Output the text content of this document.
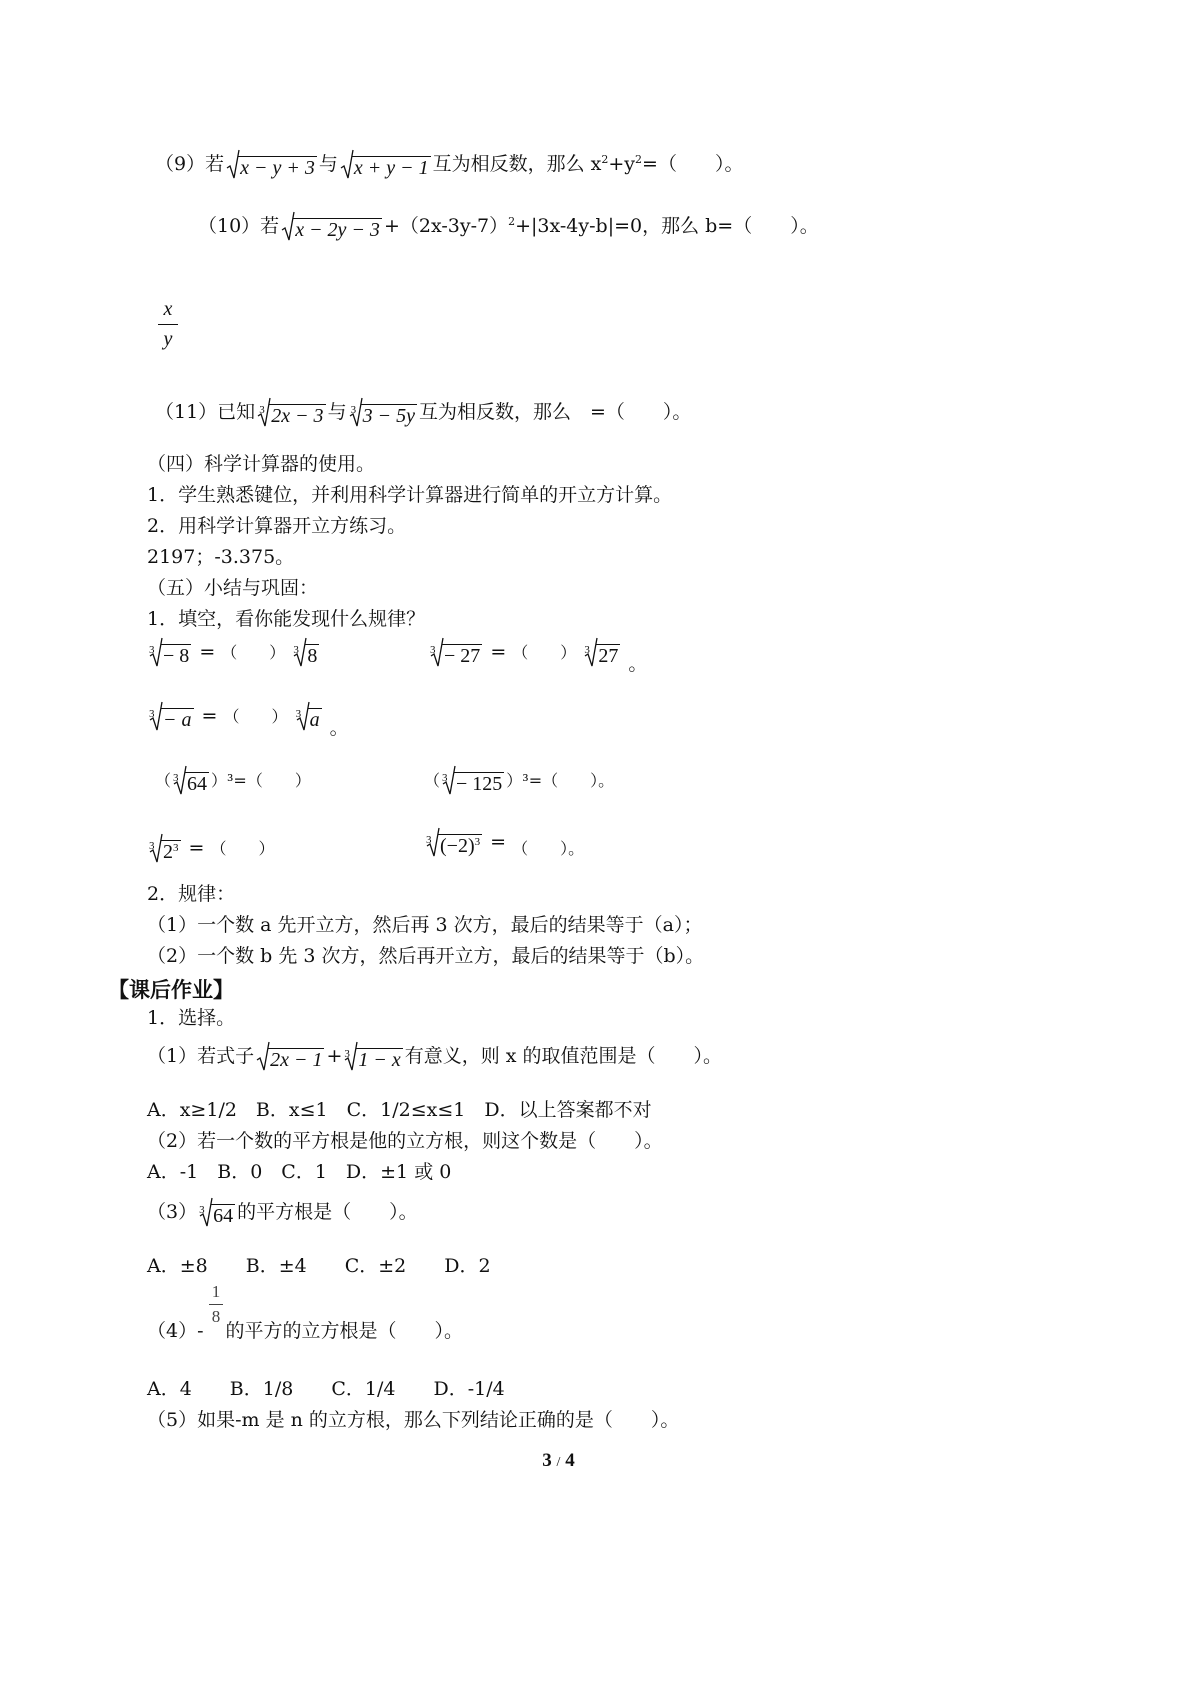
（9）若 x − y + 3 与 x + y − 1 互为相反数，那么 $x^2+y^2=$（　　）。
（10）若 $x - 2y - 3 +(2x-3y-7)^2+|3x-4y-b|=0$，那么 b=（　　）。
x
y
（11）已知 3 2x − 3 与 3 3 − 5y 互为相反数，那么　=（　　）。
（四）科学计算器的使用。
1．学生熟悉键位，并利用科学计算器进行简单的开立方计算。
2．用科学计算器开立方练习。
2197；-3.375。
（五）小结与巩固：
1．填空，看你能发现什么规律？
3 − 8 = （　　） 3 8	3 − 27 = （　　） 3 27 。
3 − a = （　　） 3 a 。
（ 3 64 ）³=（　　）	（ 3 − 125 ）³=（　　）。
3 $2^3$ = （　　）	3 $(-2)^3 = _{( )。}$
2．规律：
（1）一个数 a 先开立方，然后再 3 次方，最后的结果等于（a）；
（2）一个数 b 先 3 次方，然后再开立方，最后的结果等于（b）。
【课后作业】
1．选择。
（1）若式子 2x − 1 + 3 1 − x 有意义，则 x 的取值范围是（　　）。
A．x≥1/2　B．x≤1　C．1/2≤x≤1　D．以上答案都不对
（2）若一个数的平方根是他的立方根，则这个数是（　　）。
A．-1　B．0　C．1　D．±1 或 0
（3） 3 64 的平方根是（　　）。
A．±8　　B．±4　　C．±2　　D．2
1
8
（4）- 的平方的立方根是（　　）。
A．4　　B．1/8　　C．1/4　　D．-1/4
（5）如果-m 是 n 的立方根，那么下列结论正确的是（　　）。
3 / 4
